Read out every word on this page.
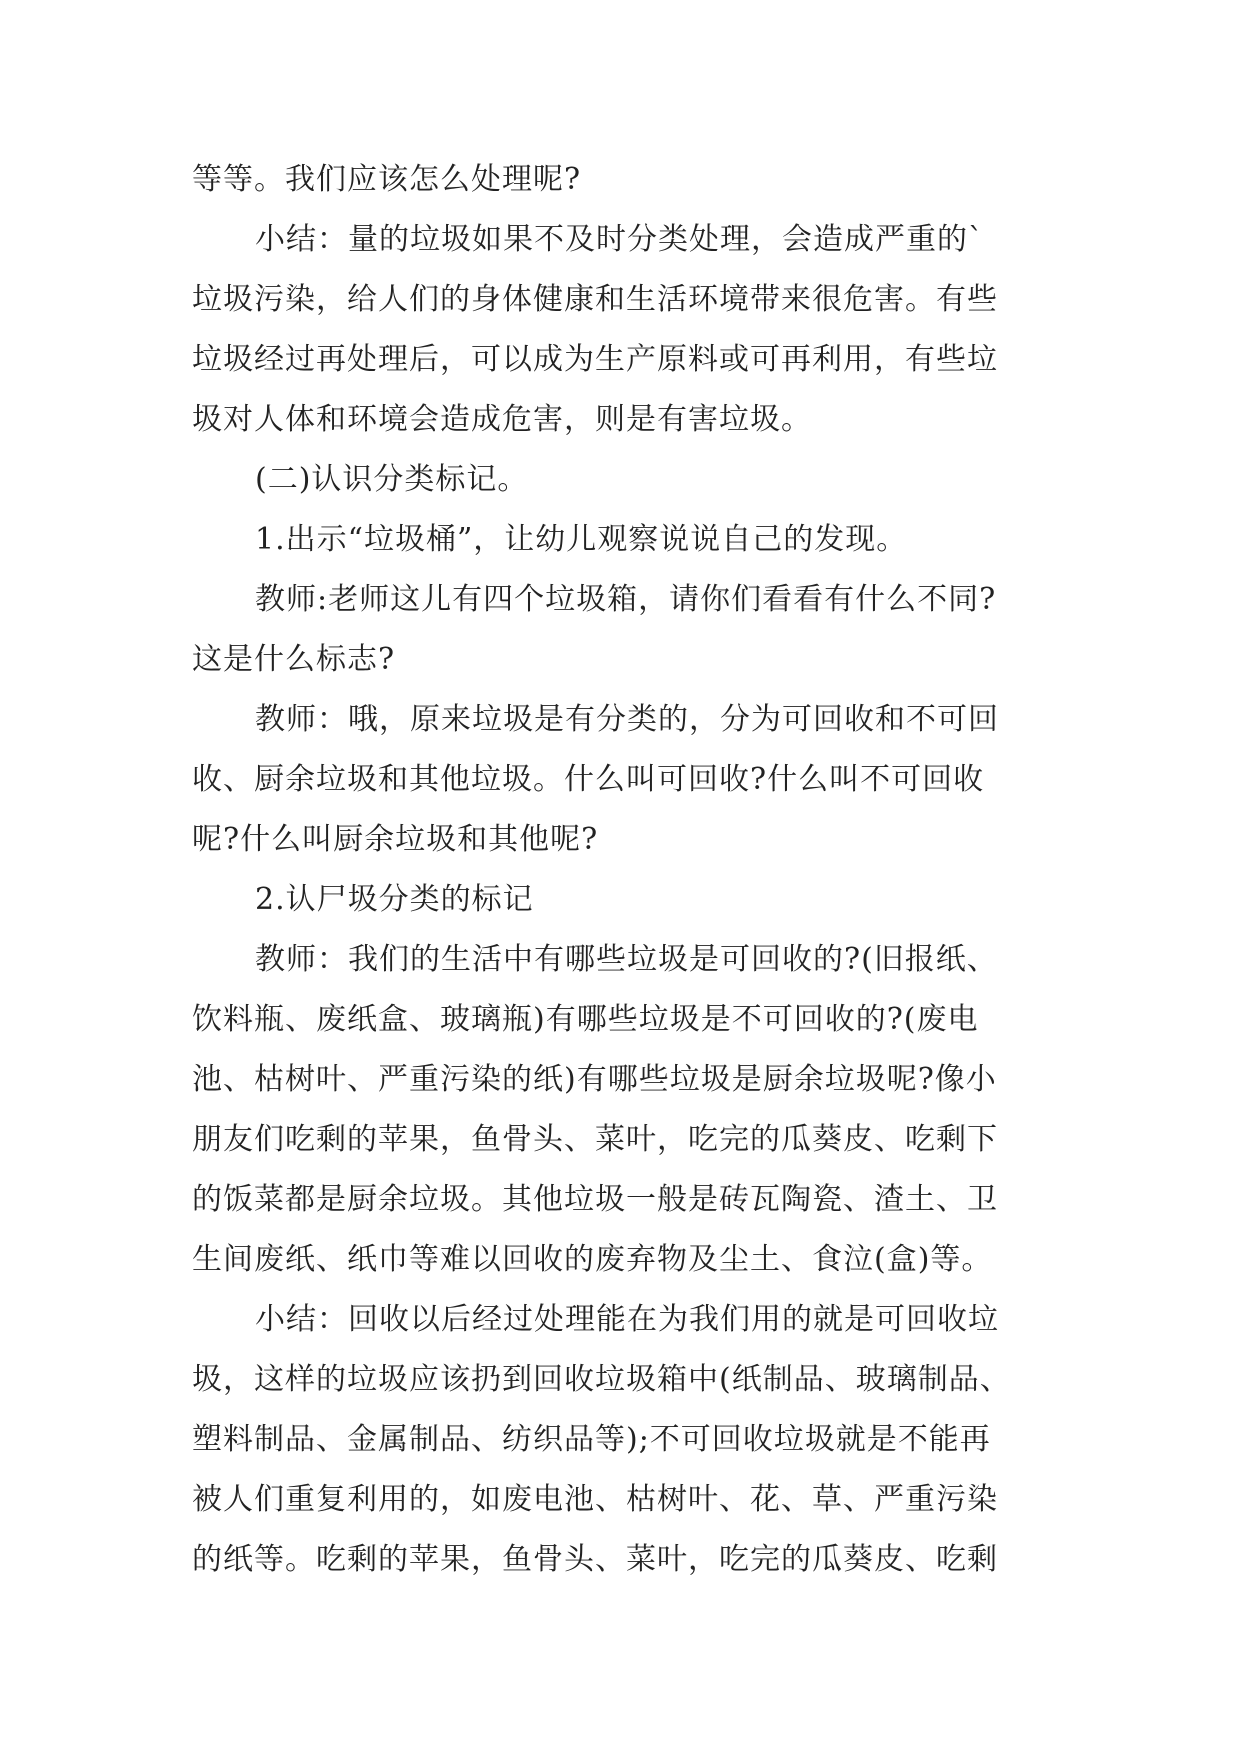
等等。我们应该怎么处理呢?
小结：量的垃圾如果不及时分类处理，会造成严重的`
垃圾污染，给人们的身体健康和生活环境带来很危害。有些
垃圾经过再处理后，可以成为生产原料或可再利用，有些垃
圾对人体和环境会造成危害，则是有害垃圾。
(二)认识分类标记。
1.出示“垃圾桶”，让幼儿观察说说自己的发现。
教师:老师这儿有四个垃圾箱，请你们看看有什么不同?
这是什么标志?
教师：哦，原来垃圾是有分类的，分为可回收和不可回
收、厨余垃圾和其他垃圾。什么叫可回收?什么叫不可回收
呢?什么叫厨余垃圾和其他呢?
2.认尸圾分类的标记
教师：我们的生活中有哪些垃圾是可回收的?(旧报纸、
饮料瓶、废纸盒、玻璃瓶)有哪些垃圾是不可回收的?(废电
池、枯树叶、严重污染的纸)有哪些垃圾是厨余垃圾呢?像小
朋友们吃剩的苹果，鱼骨头、菜叶，吃完的瓜葵皮、吃剩下
的饭菜都是厨余垃圾。其他垃圾一般是砖瓦陶瓷、渣土、卫
生间废纸、纸巾等难以回收的废弃物及尘土、食泣(盒)等。
小结：回收以后经过处理能在为我们用的就是可回收垃
圾，这样的垃圾应该扔到回收垃圾箱中(纸制品、玻璃制品、
塑料制品、金属制品、纺织品等);不可回收垃圾就是不能再
被人们重复利用的，如废电池、枯树叶、花、草、严重污染
的纸等。吃剩的苹果，鱼骨头、菜叶，吃完的瓜葵皮、吃剩
